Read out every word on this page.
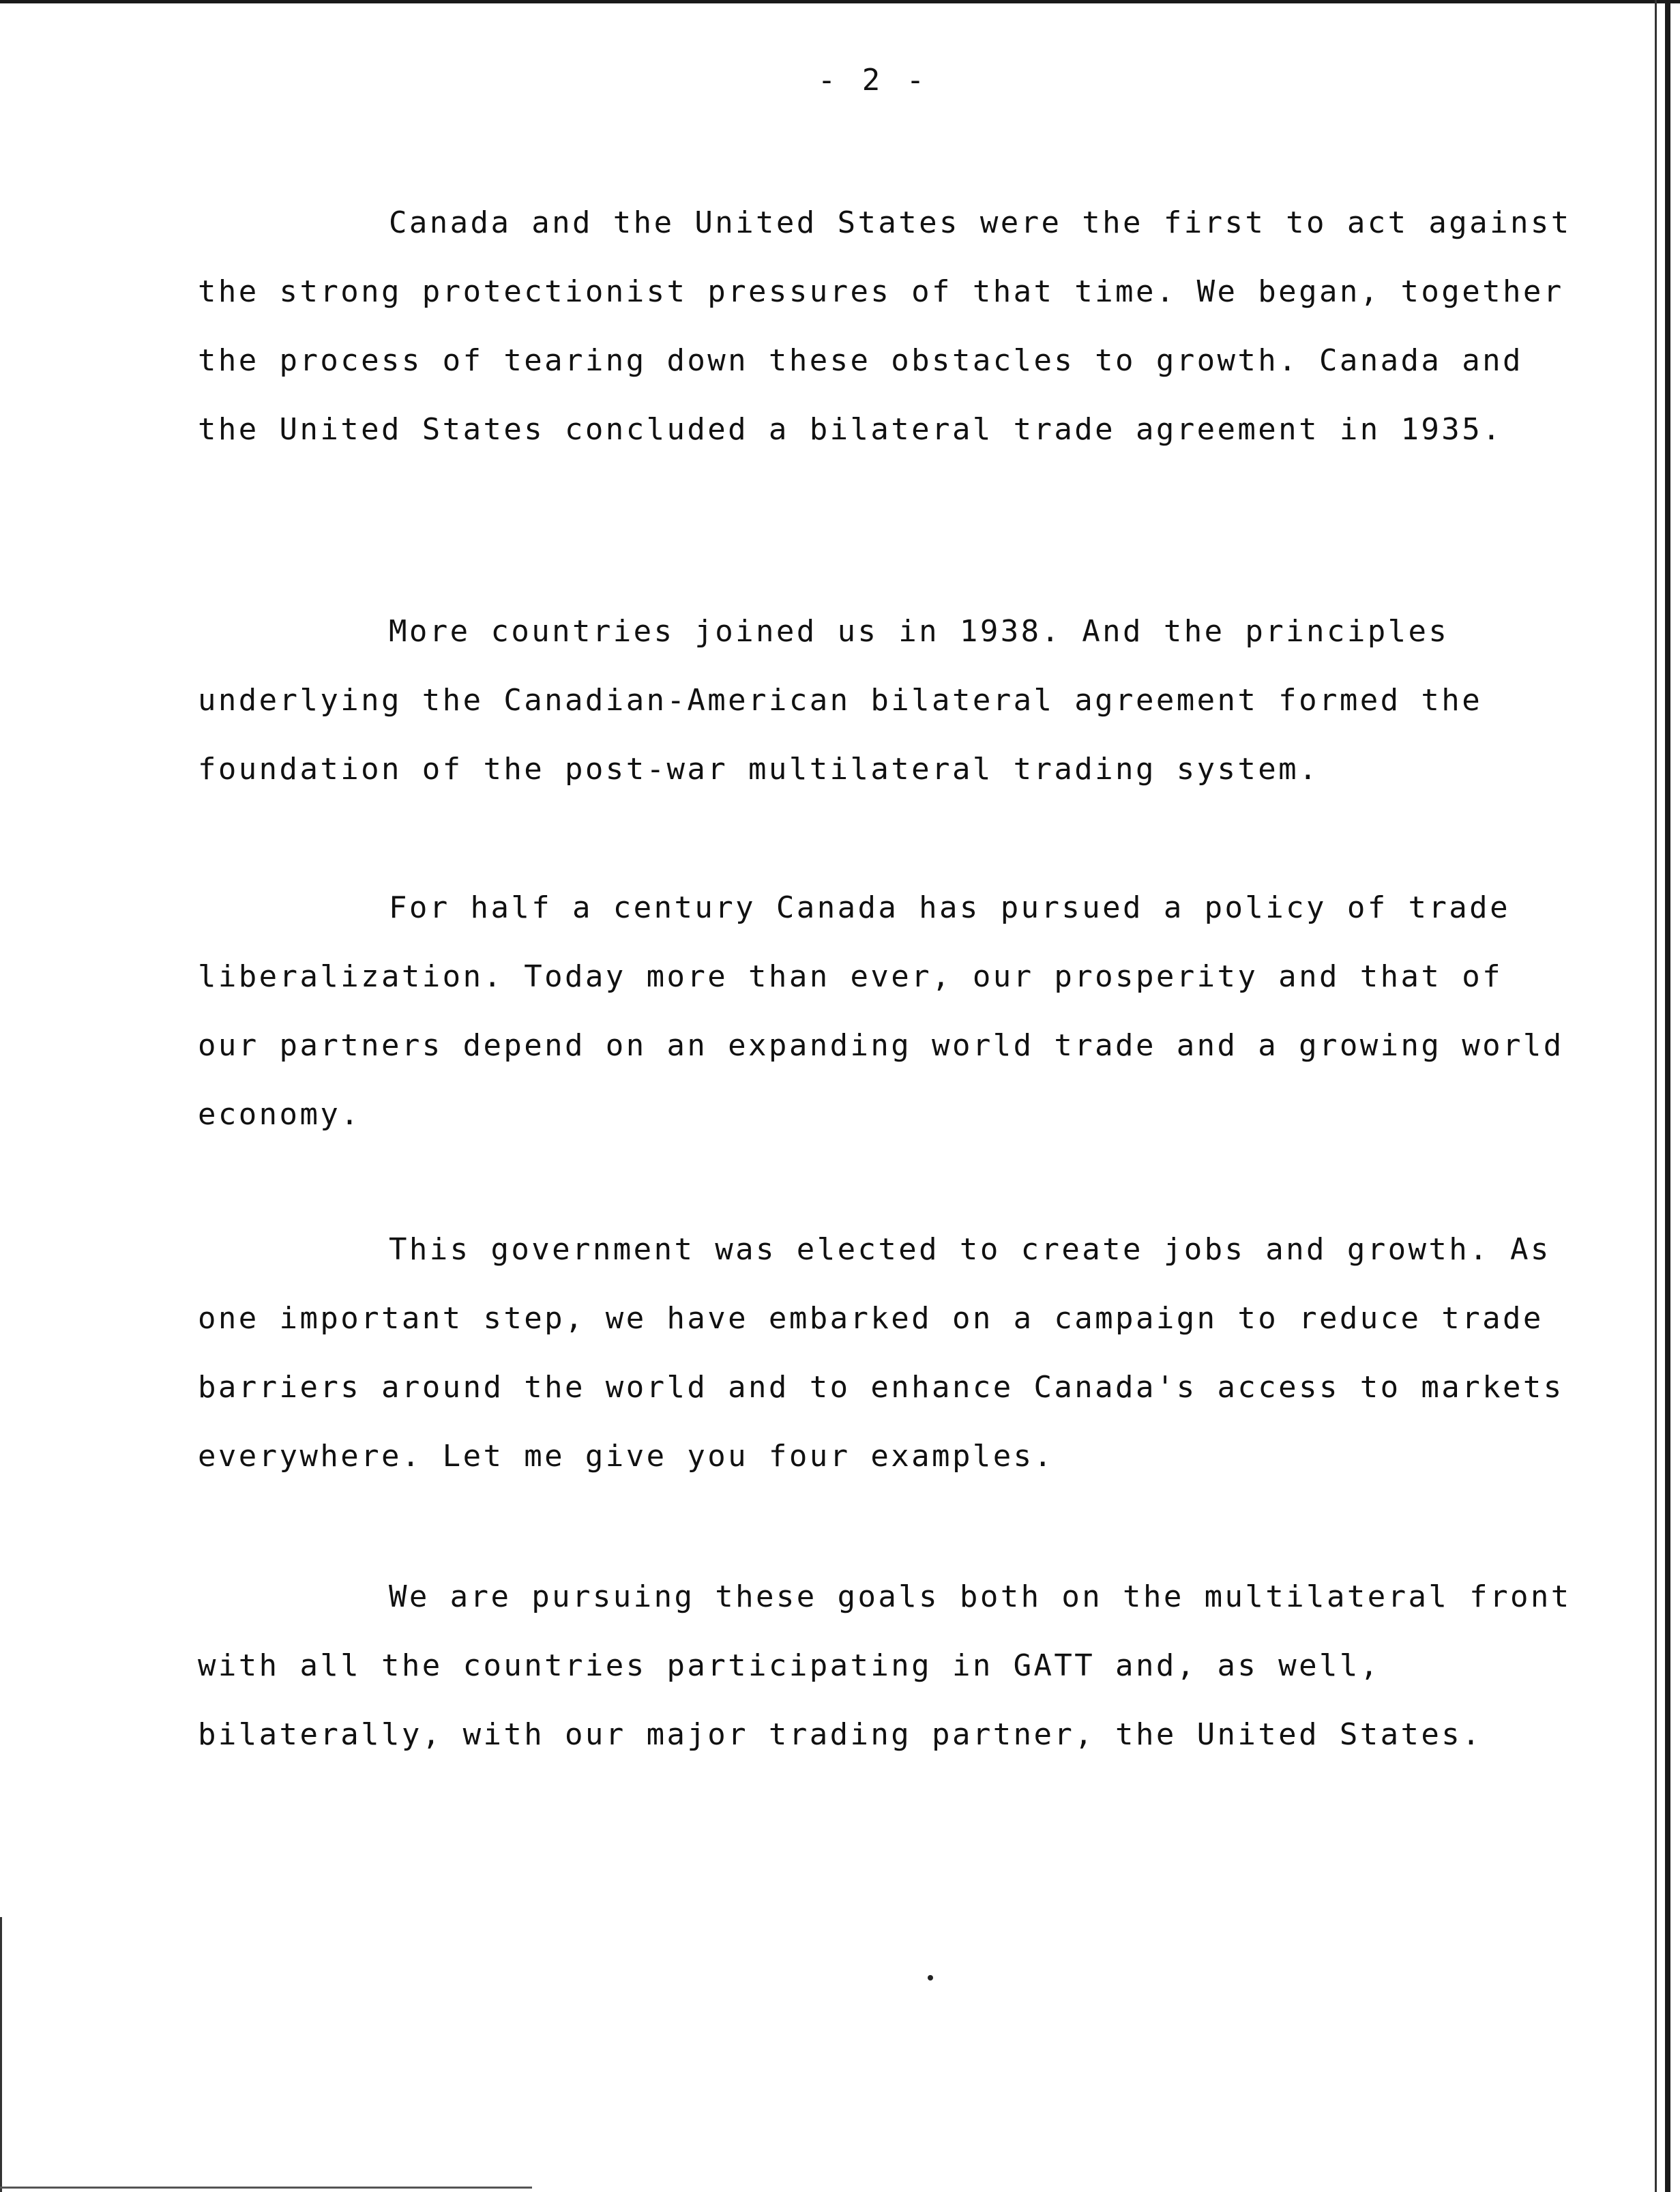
- 2 -

Canada and the United States were the first to act against the strong protectionist pressures of that time. We began, together the process of tearing down these obstacles to growth. Canada and the United States concluded a bilateral trade agreement in 1935.

More countries joined us in 1938. And the principles underlying the Canadian-American bilateral agreement formed the foundation of the post-war multilateral trading system.

For half a century Canada has pursued a policy of trade liberalization. Today more than ever, our prosperity and that of our partners depend on an expanding world trade and a growing world economy.

This government was elected to create jobs and growth. As one important step, we have embarked on a campaign to reduce trade barriers around the world and to enhance Canada's access to markets everywhere. Let me give you four examples.

We are pursuing these goals both on the multilateral front with all the countries participating in GATT and, as well, bilaterally, with our major trading partner, the United States.
